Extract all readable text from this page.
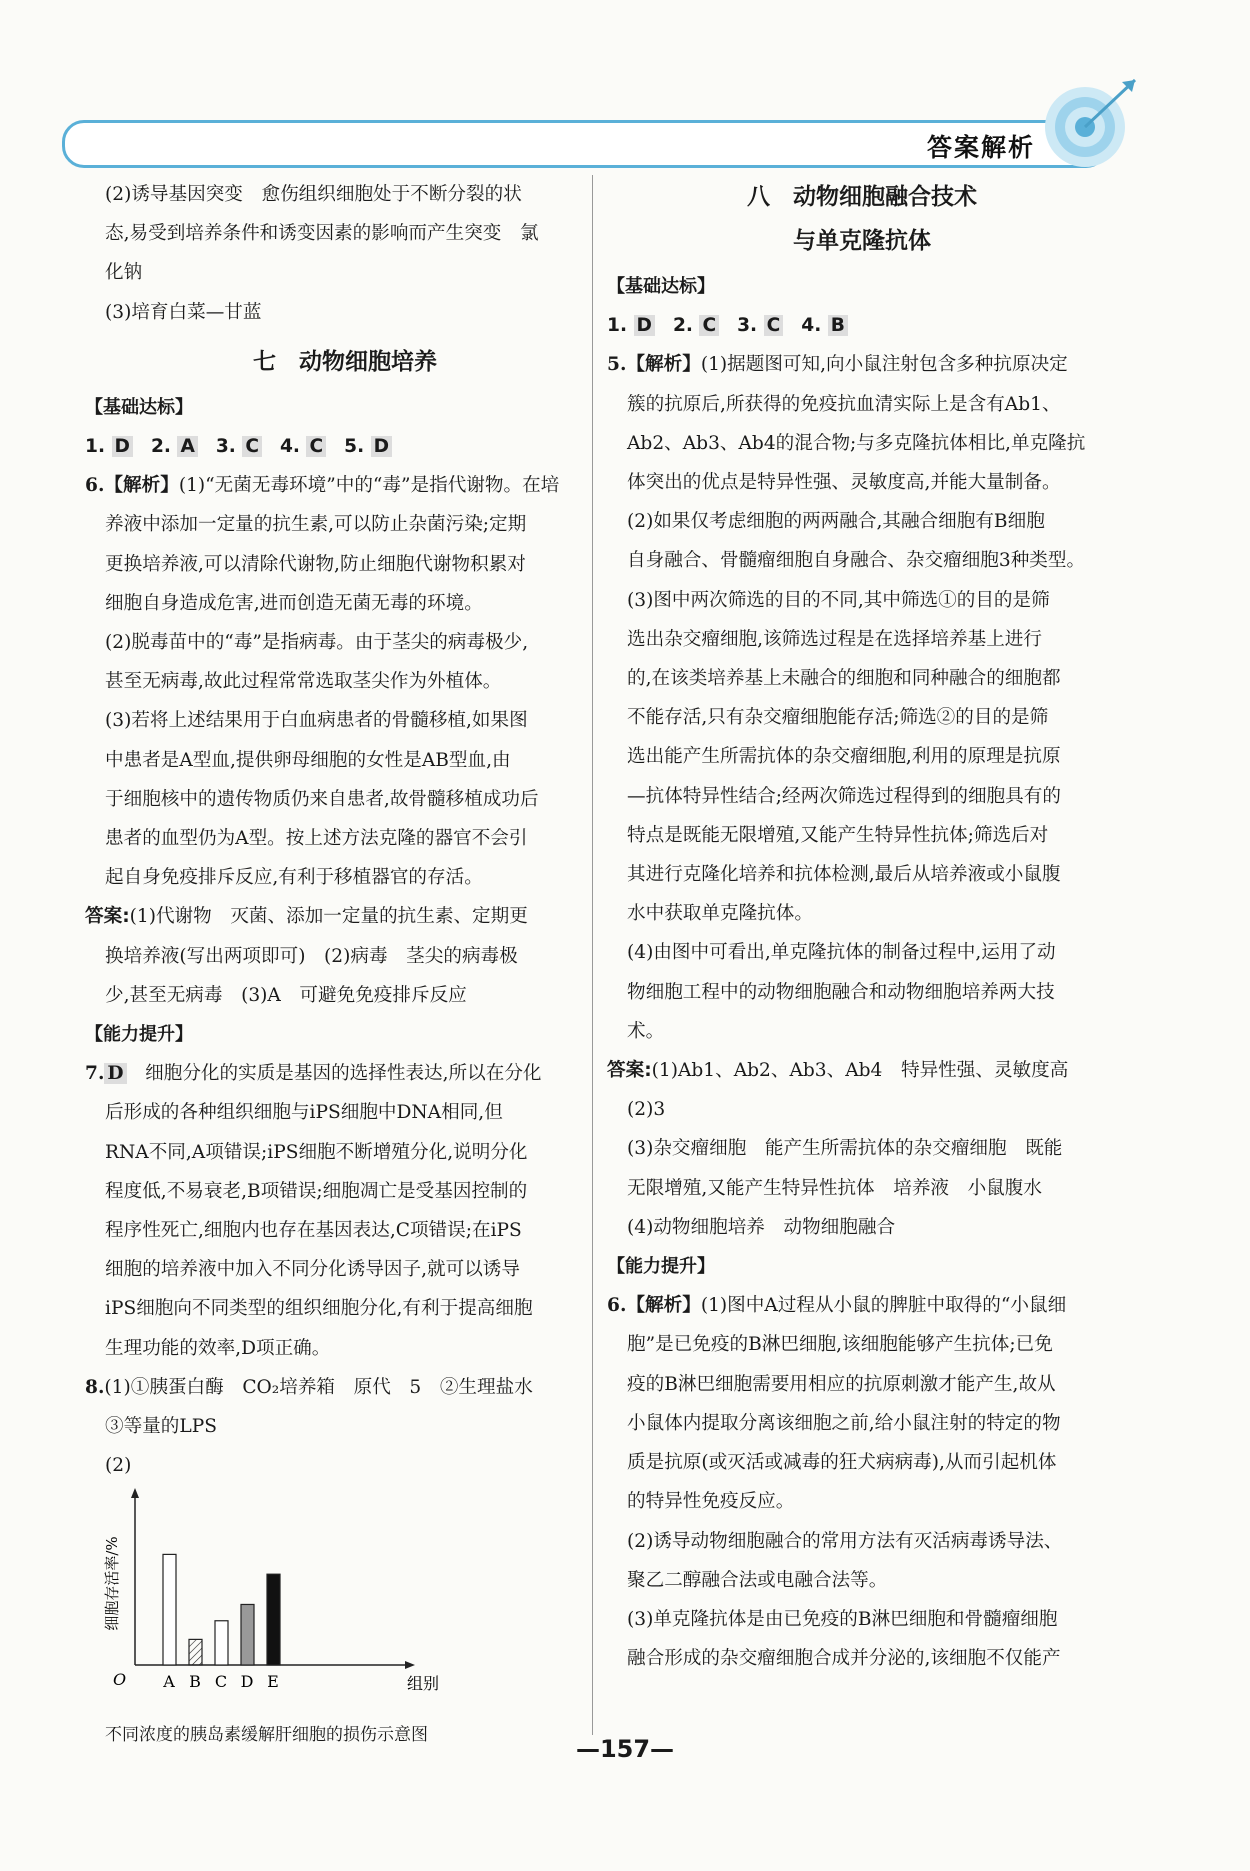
答案解析
(2)诱导基因突变　愈伤组织细胞处于不断分裂的状
态,易受到培养条件和诱变因素的影响而产生突变　氯
化钠
(3)培育白菜—甘蓝
七　动物细胞培养
【基础达标】
1. D 2. A 3. C 4. C 5. D
6.【解析】(1)“无菌无毒环境”中的“毒”是指代谢物。在培
养液中添加一定量的抗生素,可以防止杂菌污染;定期
更换培养液,可以清除代谢物,防止细胞代谢物积累对
细胞自身造成危害,进而创造无菌无毒的环境。
(2)脱毒苗中的“毒”是指病毒。由于茎尖的病毒极少,
甚至无病毒,故此过程常常选取茎尖作为外植体。
(3)若将上述结果用于白血病患者的骨髓移植,如果图
中患者是A型血,提供卵母细胞的女性是AB型血,由
于细胞核中的遗传物质仍来自患者,故骨髓移植成功后
患者的血型仍为A型。按上述方法克隆的器官不会引
起自身免疫排斥反应,有利于移植器官的存活。
答案:(1)代谢物　灭菌、添加一定量的抗生素、定期更
换培养液(写出两项即可)　(2)病毒　茎尖的病毒极
少,甚至无病毒　(3)A　可避免免疫排斥反应
【能力提升】
7. D　细胞分化的实质是基因的选择性表达,所以在分化
后形成的各种组织细胞与iPS细胞中DNA相同,但
RNA不同,A项错误;iPS细胞不断增殖分化,说明分化
程度低,不易衰老,B项错误;细胞凋亡是受基因控制的
程序性死亡,细胞内也存在基因表达,C项错误;在iPS
细胞的培养液中加入不同分化诱导因子,就可以诱导
iPS细胞向不同类型的组织细胞分化,有利于提高细胞
生理功能的效率,D项正确。
8.(1)①胰蛋白酶　CO₂培养箱　原代　5　②生理盐水
③等量的LPS
(2)
细胞存活率/%
组别
O A B C D E
不同浓度的胰岛素缓解肝细胞的损伤示意图
八　动物细胞融合技术
与单克隆抗体
【基础达标】
1. D 2. C 3. C 4. B
5.【解析】(1)据题图可知,向小鼠注射包含多种抗原决定
簇的抗原后,所获得的免疫抗血清实际上是含有Ab1、
Ab2、Ab3、Ab4的混合物;与多克隆抗体相比,单克隆抗
体突出的优点是特异性强、灵敏度高,并能大量制备。
(2)如果仅考虑细胞的两两融合,其融合细胞有B细胞
自身融合、骨髓瘤细胞自身融合、杂交瘤细胞3种类型。
(3)图中两次筛选的目的不同,其中筛选①的目的是筛
选出杂交瘤细胞,该筛选过程是在选择培养基上进行
的,在该类培养基上未融合的细胞和同种融合的细胞都
不能存活,只有杂交瘤细胞能存活;筛选②的目的是筛
选出能产生所需抗体的杂交瘤细胞,利用的原理是抗原
—抗体特异性结合;经两次筛选过程得到的细胞具有的
特点是既能无限增殖,又能产生特异性抗体;筛选后对
其进行克隆化培养和抗体检测,最后从培养液或小鼠腹
水中获取单克隆抗体。
(4)由图中可看出,单克隆抗体的制备过程中,运用了动
物细胞工程中的动物细胞融合和动物细胞培养两大技
术。
答案:(1)Ab1、Ab2、Ab3、Ab4　特异性强、灵敏度高
(2)3
(3)杂交瘤细胞　能产生所需抗体的杂交瘤细胞　既能
无限增殖,又能产生特异性抗体　培养液　小鼠腹水
(4)动物细胞培养　动物细胞融合
【能力提升】
6.【解析】(1)图中A过程从小鼠的脾脏中取得的“小鼠细
胞”是已免疫的B淋巴细胞,该细胞能够产生抗体;已免
疫的B淋巴细胞需要用相应的抗原刺激才能产生,故从
小鼠体内提取分离该细胞之前,给小鼠注射的特定的物
质是抗原(或灭活或减毒的狂犬病病毒),从而引起机体
的特异性免疫反应。
(2)诱导动物细胞融合的常用方法有灭活病毒诱导法、
聚乙二醇融合法或电融合法等。
(3)单克隆抗体是由已免疫的B淋巴细胞和骨髓瘤细胞
融合形成的杂交瘤细胞合成并分泌的,该细胞不仅能产
—157—
